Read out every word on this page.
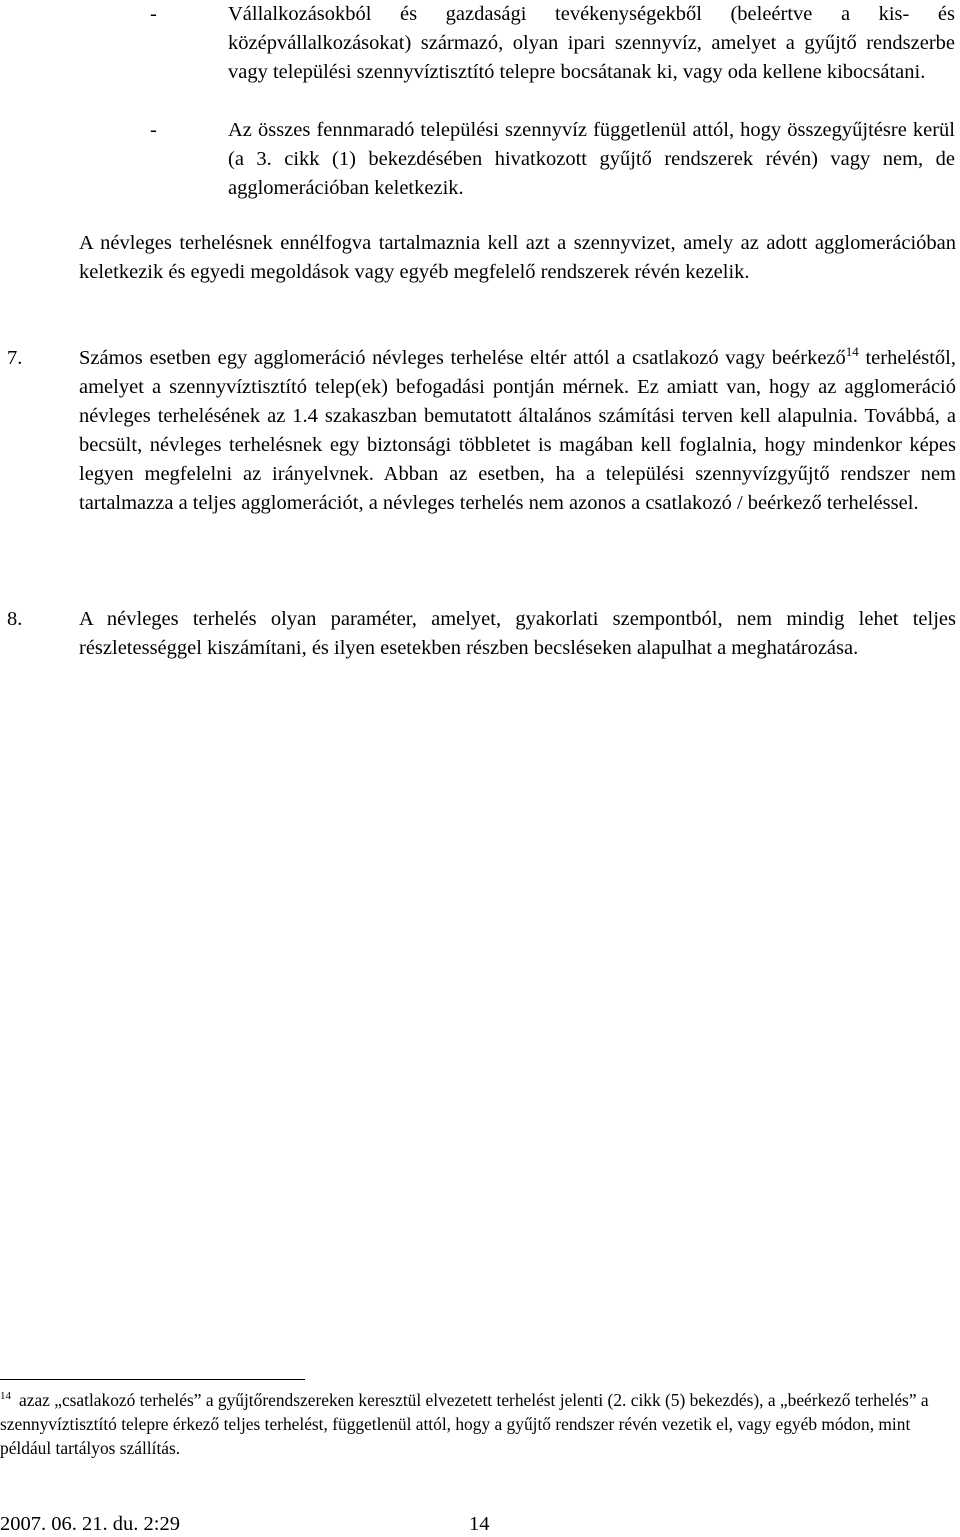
-	Vállalkozásokból és gazdasági tevékenységekből (beleértve a kis- és középvállalkozásokat) származó, olyan ipari szennyvíz, amelyet a gyűjtő rendszerbe vagy települési szennyvíztisztító telepre bocsátanak ki, vagy oda kellene kibocsátani.
-	Az összes fennmaradó települési szennyvíz függetlenül attól, hogy összegyűjtésre kerül (a 3. cikk (1) bekezdésében hivatkozott gyűjtő rendszerek révén) vagy nem, de agglomerációban keletkezik.
A névleges terhelésnek ennélfogva tartalmaznia kell azt a szennyvizet, amely az adott agglomerációban keletkezik és egyedi megoldások vagy egyéb megfelelő rendszerek révén kezelik.
7.	Számos esetben egy agglomeráció névleges terhelése eltér attól a csatlakozó vagy beérkező$^{14}$ terheléstől, amelyet a szennyvíztisztító telep(ek) befogadási pontján mérnek. Ez amiatt van, hogy az agglomeráció névleges terhelésének az 1.4 szakaszban bemutatott általános számítási terven kell alapulnia. Továbbá, a becsült, névleges terhelésnek egy biztonsági többletet is magában kell foglalnia, hogy mindenkor képes legyen megfelelni az irányelvnek. Abban az esetben, ha a települési szennyvízgyűjtő rendszer nem tartalmazza a teljes agglomerációt, a névleges terhelés nem azonos a csatlakozó / beérkező terheléssel.
8.	A névleges terhelés olyan paraméter, amelyet, gyakorlati szempontból, nem mindig lehet teljes részletességgel kiszámítani, és ilyen esetekben részben becsléseken alapulhat a meghatározása.
$^{14}$ azaz „csatlakozó terhelés” a gyűjtőrendszereken keresztül elvezetett terhelést jelenti (2. cikk (5) bekezdés), a „beérkező terhelés” a szennyvíztisztító telepre érkező teljes terhelést, függetlenül attól, hogy a gyűjtő rendszer révén vezetik el, vagy egyéb módon, mint például tartályos szállítás.
2007. 06. 21. du. 2:29	14
